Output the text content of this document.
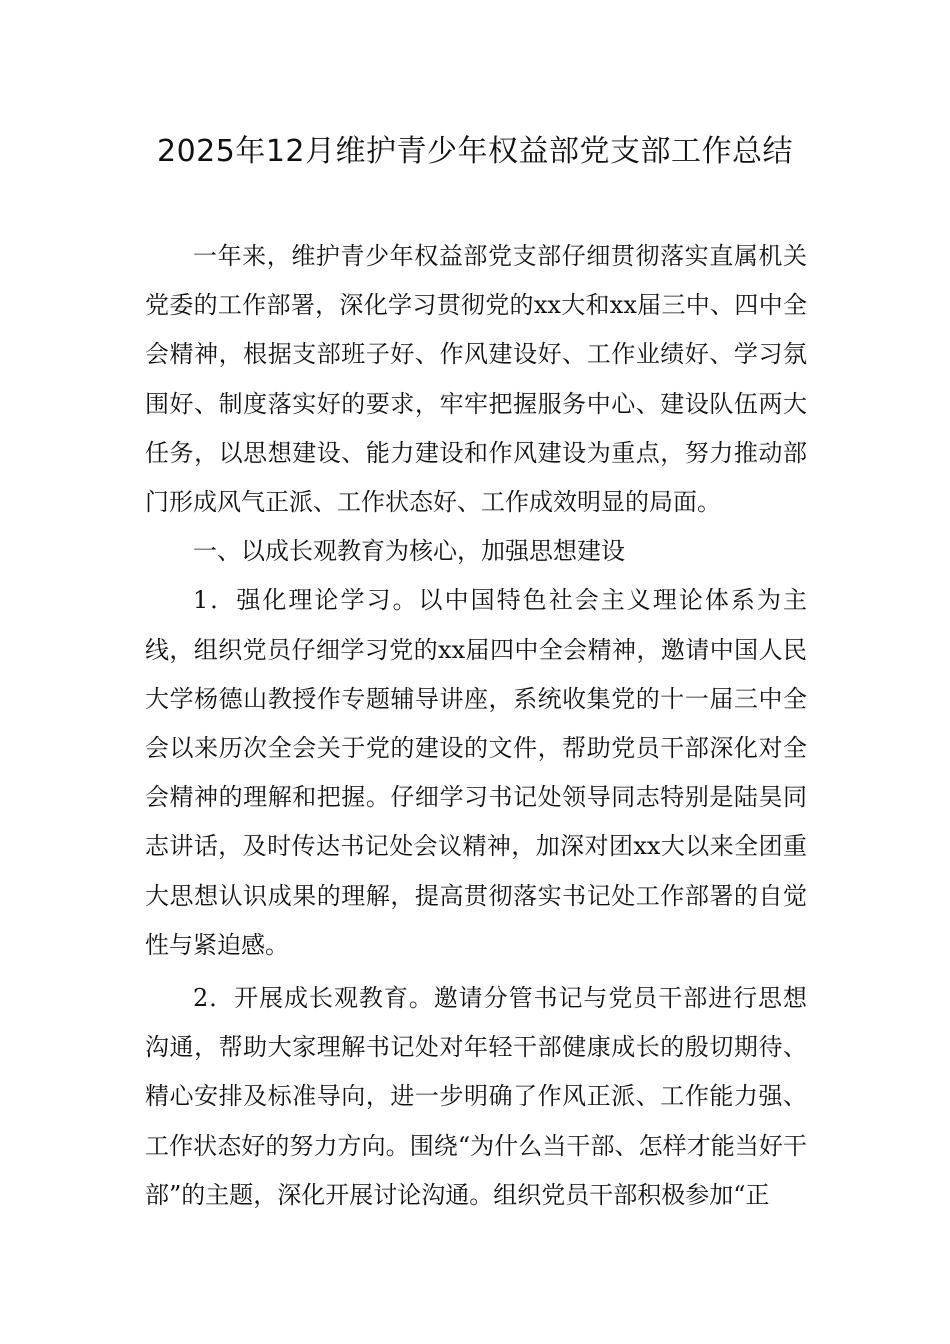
2025年12月维护青少年权益部党支部工作总结

一年来，维护青少年权益部党支部仔细贯彻落实直属机关党委的工作部署，深化学习贯彻党的xx大和xx届三中、四中全会精神，根据支部班子好、作风建设好、工作业绩好、学习氛围好、制度落实好的要求，牢牢把握服务中心、建设队伍两大任务，以思想建设、能力建设和作风建设为重点，努力推动部门形成风气正派、工作状态好、工作成效明显的局面。

一、以成长观教育为核心，加强思想建设

1．强化理论学习。以中国特色社会主义理论体系为主线，组织党员仔细学习党的xx届四中全会精神，邀请中国人民大学杨德山教授作专题辅导讲座，系统收集党的十一届三中全会以来历次全会关于党的建设的文件，帮助党员干部深化对全会精神的理解和把握。仔细学习书记处领导同志特别是陆昊同志讲话，及时传达书记处会议精神，加深对团xx大以来全团重大思想认识成果的理解，提高贯彻落实书记处工作部署的自觉性与紧迫感。

2．开展成长观教育。邀请分管书记与党员干部进行思想沟通，帮助大家理解书记处对年轻干部健康成长的殷切期待、精心安排及标准导向，进一步明确了作风正派、工作能力强、工作状态好的努力方向。围绕“为什么当干部、怎样才能当好干部”的主题，深化开展讨论沟通。组织党员干部积极参加“正
